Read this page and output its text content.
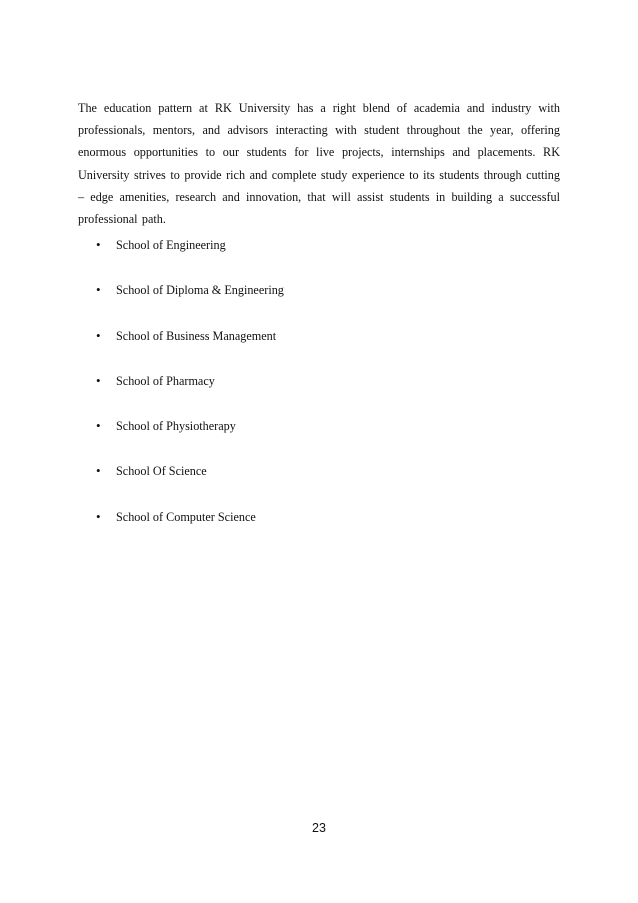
The education pattern at RK University has a right blend of academia and industry with professionals, mentors, and advisors interacting with student throughout the year, offering enormous opportunities to our students for live projects, internships and placements. RK University strives to provide rich and complete study experience to its students through cutting – edge amenities, research and innovation, that will assist students in building a successful professional path.

•	School of Engineering
•	School of Diploma & Engineering
•	School of Business Management
•	School of Pharmacy
•	School of Physiotherapy
•	School Of Science
•	School of Computer Science
23
